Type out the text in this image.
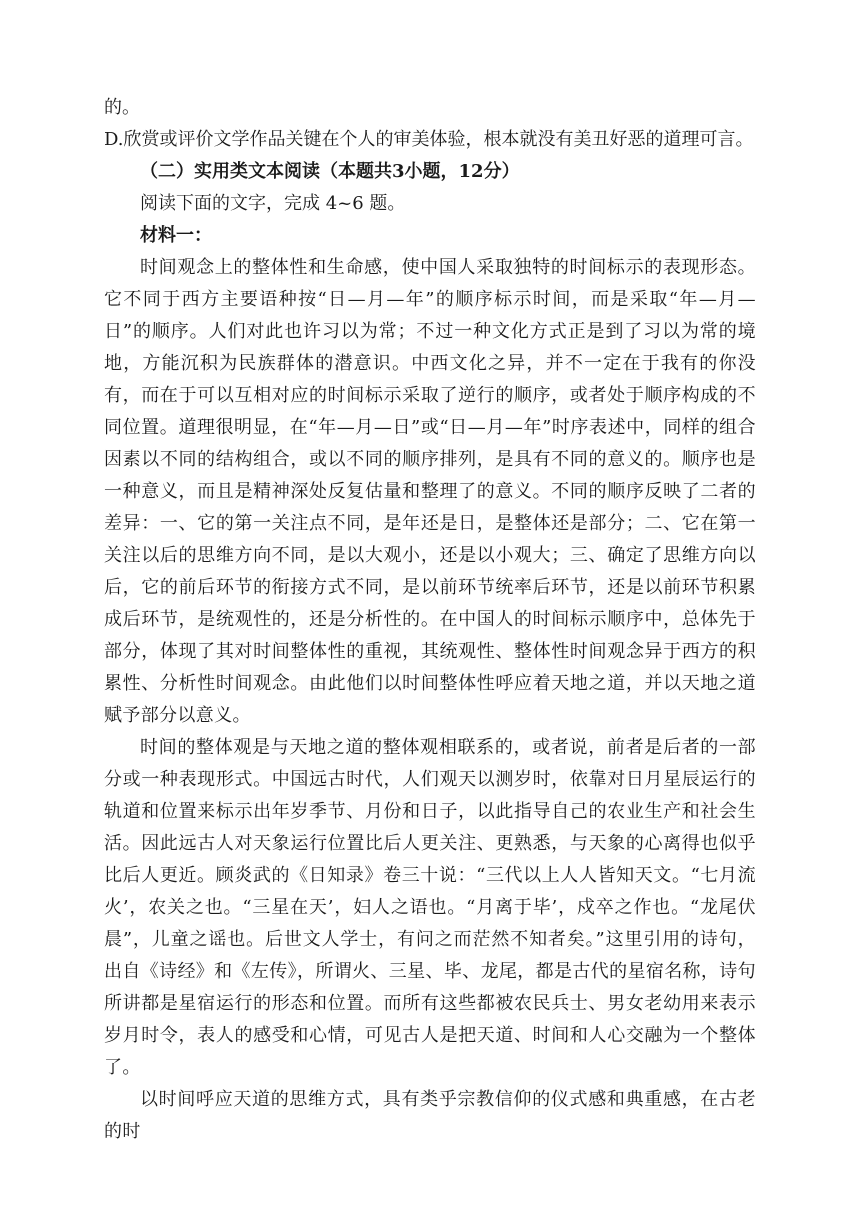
的。
D.欣赏或评价文学作品关键在个人的审美体验，根本就没有美丑好恶的道理可言。
（二）实用类文本阅读（本题共3小题，12分）
阅读下面的文字，完成 4~6 题。
材料一：

时间观念上的整体性和生命感，使中国人采取独特的时间标示的表现形态。它不同于西方主要语种按“日—月—年”的顺序标示时间，而是采取“年—月—日”的顺序。人们对此也许习以为常；不过一种文化方式正是到了习以为常的境地，方能沉积为民族群体的潜意识。中西文化之异，并不一定在于我有的你没有，而在于可以互相对应的时间标示采取了逆行的顺序，或者处于顺序构成的不同位置。道理很明显，在“年—月—日”或“日—月—年”时序表述中，同样的组合因素以不同的结构组合，或以不同的顺序排列，是具有不同的意义的。顺序也是一种意义，而且是精神深处反复估量和整理了的意义。不同的顺序反映了二者的差异：一、它的第一关注点不同，是年还是日，是整体还是部分；二、它在第一关注以后的思维方向不同，是以大观小，还是以小观大；三、确定了思维方向以后，它的前后环节的衔接方式不同，是以前环节统率后环节，还是以前环节积累成后环节，是统观性的，还是分析性的。在中国人的时间标示顺序中，总体先于部分，体现了其对时间整体性的重视，其统观性、整体性时间观念异于西方的积累性、分析性时间观念。由此他们以时间整体性呼应着天地之道，并以天地之道赋予部分以意义。

时间的整体观是与天地之道的整体观相联系的，或者说，前者是后者的一部分或一种表现形式。中国远古时代，人们观天以测岁时，依靠对日月星辰运行的轨道和位置来标示出年岁季节、月份和日子，以此指导自己的农业生产和社会生活。因此远古人对天象运行位置比后人更关注、更熟悉，与天象的心离得也似乎比后人更近。顾炎武的《日知录》卷三十说：“三代以上人人皆知天文。“七月流火’，农关之也。“三星在天’，妇人之语也。“月离于毕’，戍卒之作也。“龙尾伏晨”，儿童之谣也。后世文人学士，有问之而茫然不知者矣。”这里引用的诗句，出自《诗经》和《左传》，所谓火、三星、毕、龙尾，都是古代的星宿名称，诗句所讲都是星宿运行的形态和位置。而所有这些都被农民兵士、男女老幼用来表示岁月时令，表人的感受和心情，可见古人是把天道、时间和人心交融为一个整体了。

以时间呼应天道的思维方式，具有类乎宗教信仰的仪式感和典重感，在古老的时
